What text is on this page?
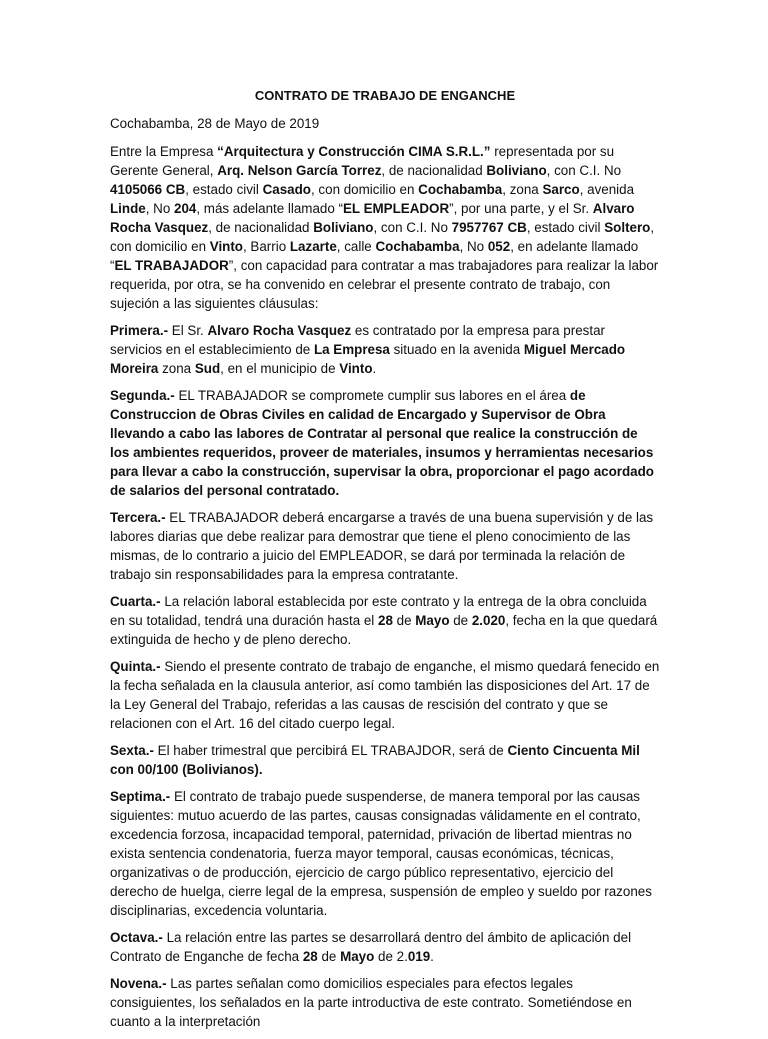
CONTRATO DE TRABAJO DE ENGANCHE
Cochabamba, 28 de Mayo de 2019
Entre la Empresa “Arquitectura y Construcción CIMA S.R.L.” representada por su Gerente General, Arq. Nelson García Torrez, de nacionalidad Boliviano, con C.I. No 4105066 CB, estado civil Casado, con domicilio en Cochabamba, zona Sarco, avenida Linde, No 204, más adelante llamado “EL EMPLEADOR”, por una parte, y el Sr. Alvaro Rocha Vasquez, de nacionalidad Boliviano, con C.I. No 7957767 CB, estado civil Soltero, con domicilio en Vinto, Barrio Lazarte, calle Cochabamba, No 052, en adelante llamado “EL TRABAJADOR”, con capacidad para contratar a mas trabajadores para realizar la labor requerida, por otra, se ha convenido en celebrar el presente contrato de trabajo, con sujeción a las siguientes cláusulas:
Primera.- El Sr. Alvaro Rocha Vasquez es contratado por la empresa para prestar servicios en el establecimiento de La Empresa situado en la avenida Miguel Mercado Moreira zona Sud, en el municipio de Vinto.
Segunda.- EL TRABAJADOR se compromete cumplir sus labores en el área de Construccion de Obras Civiles en calidad de Encargado y Supervisor de Obra llevando a cabo las labores de Contratar al personal que realice la construcción de los ambientes requeridos, proveer de materiales, insumos y herramientas necesarios para llevar a cabo la construcción, supervisar la obra, proporcionar el pago acordado de salarios del personal contratado.
Tercera.- EL TRABAJADOR deberá encargarse a través de una buena supervisión y de las labores diarias que debe realizar para demostrar que tiene el pleno conocimiento de las mismas, de lo contrario a juicio del EMPLEADOR, se dará por terminada la relación de trabajo sin responsabilidades para la empresa contratante.
Cuarta.- La relación laboral establecida por este contrato y la entrega de la obra concluida en su totalidad, tendrá una duración hasta el 28 de Mayo de 2.020, fecha en la que quedará extinguida de hecho y de pleno derecho.
Quinta.- Siendo el presente contrato de trabajo de enganche, el mismo quedará fenecido en la fecha señalada en la clausula anterior, así como también las disposiciones del Art. 17 de la Ley General del Trabajo, referidas a las causas de rescisión del contrato y que se relacionen con el Art. 16 del citado cuerpo legal.
Sexta.- El haber trimestral que percibirá EL TRABAJDOR, será de Ciento Cincuenta Mil con 00/100 (Bolivianos).
Septima.- El contrato de trabajo puede suspenderse, de manera temporal por las causas siguientes: mutuo acuerdo de las partes, causas consignadas válidamente en el contrato, excedencia forzosa, incapacidad temporal, paternidad, privación de libertad mientras no exista sentencia condenatoria, fuerza mayor temporal, causas económicas, técnicas, organizativas o de producción, ejercicio de cargo público representativo, ejercicio del derecho de huelga, cierre legal de la empresa, suspensión de empleo y sueldo por razones disciplinarias, excedencia voluntaria.
Octava.- La relación entre las partes se desarrollará dentro del ámbito de aplicación del Contrato de Enganche de fecha 28 de Mayo de 2.019.
Novena.- Las partes señalan como domicilios especiales para efectos legales consiguientes, los señalados en la parte introductiva de este contrato. Sometiéndose en cuanto a la interpretación
